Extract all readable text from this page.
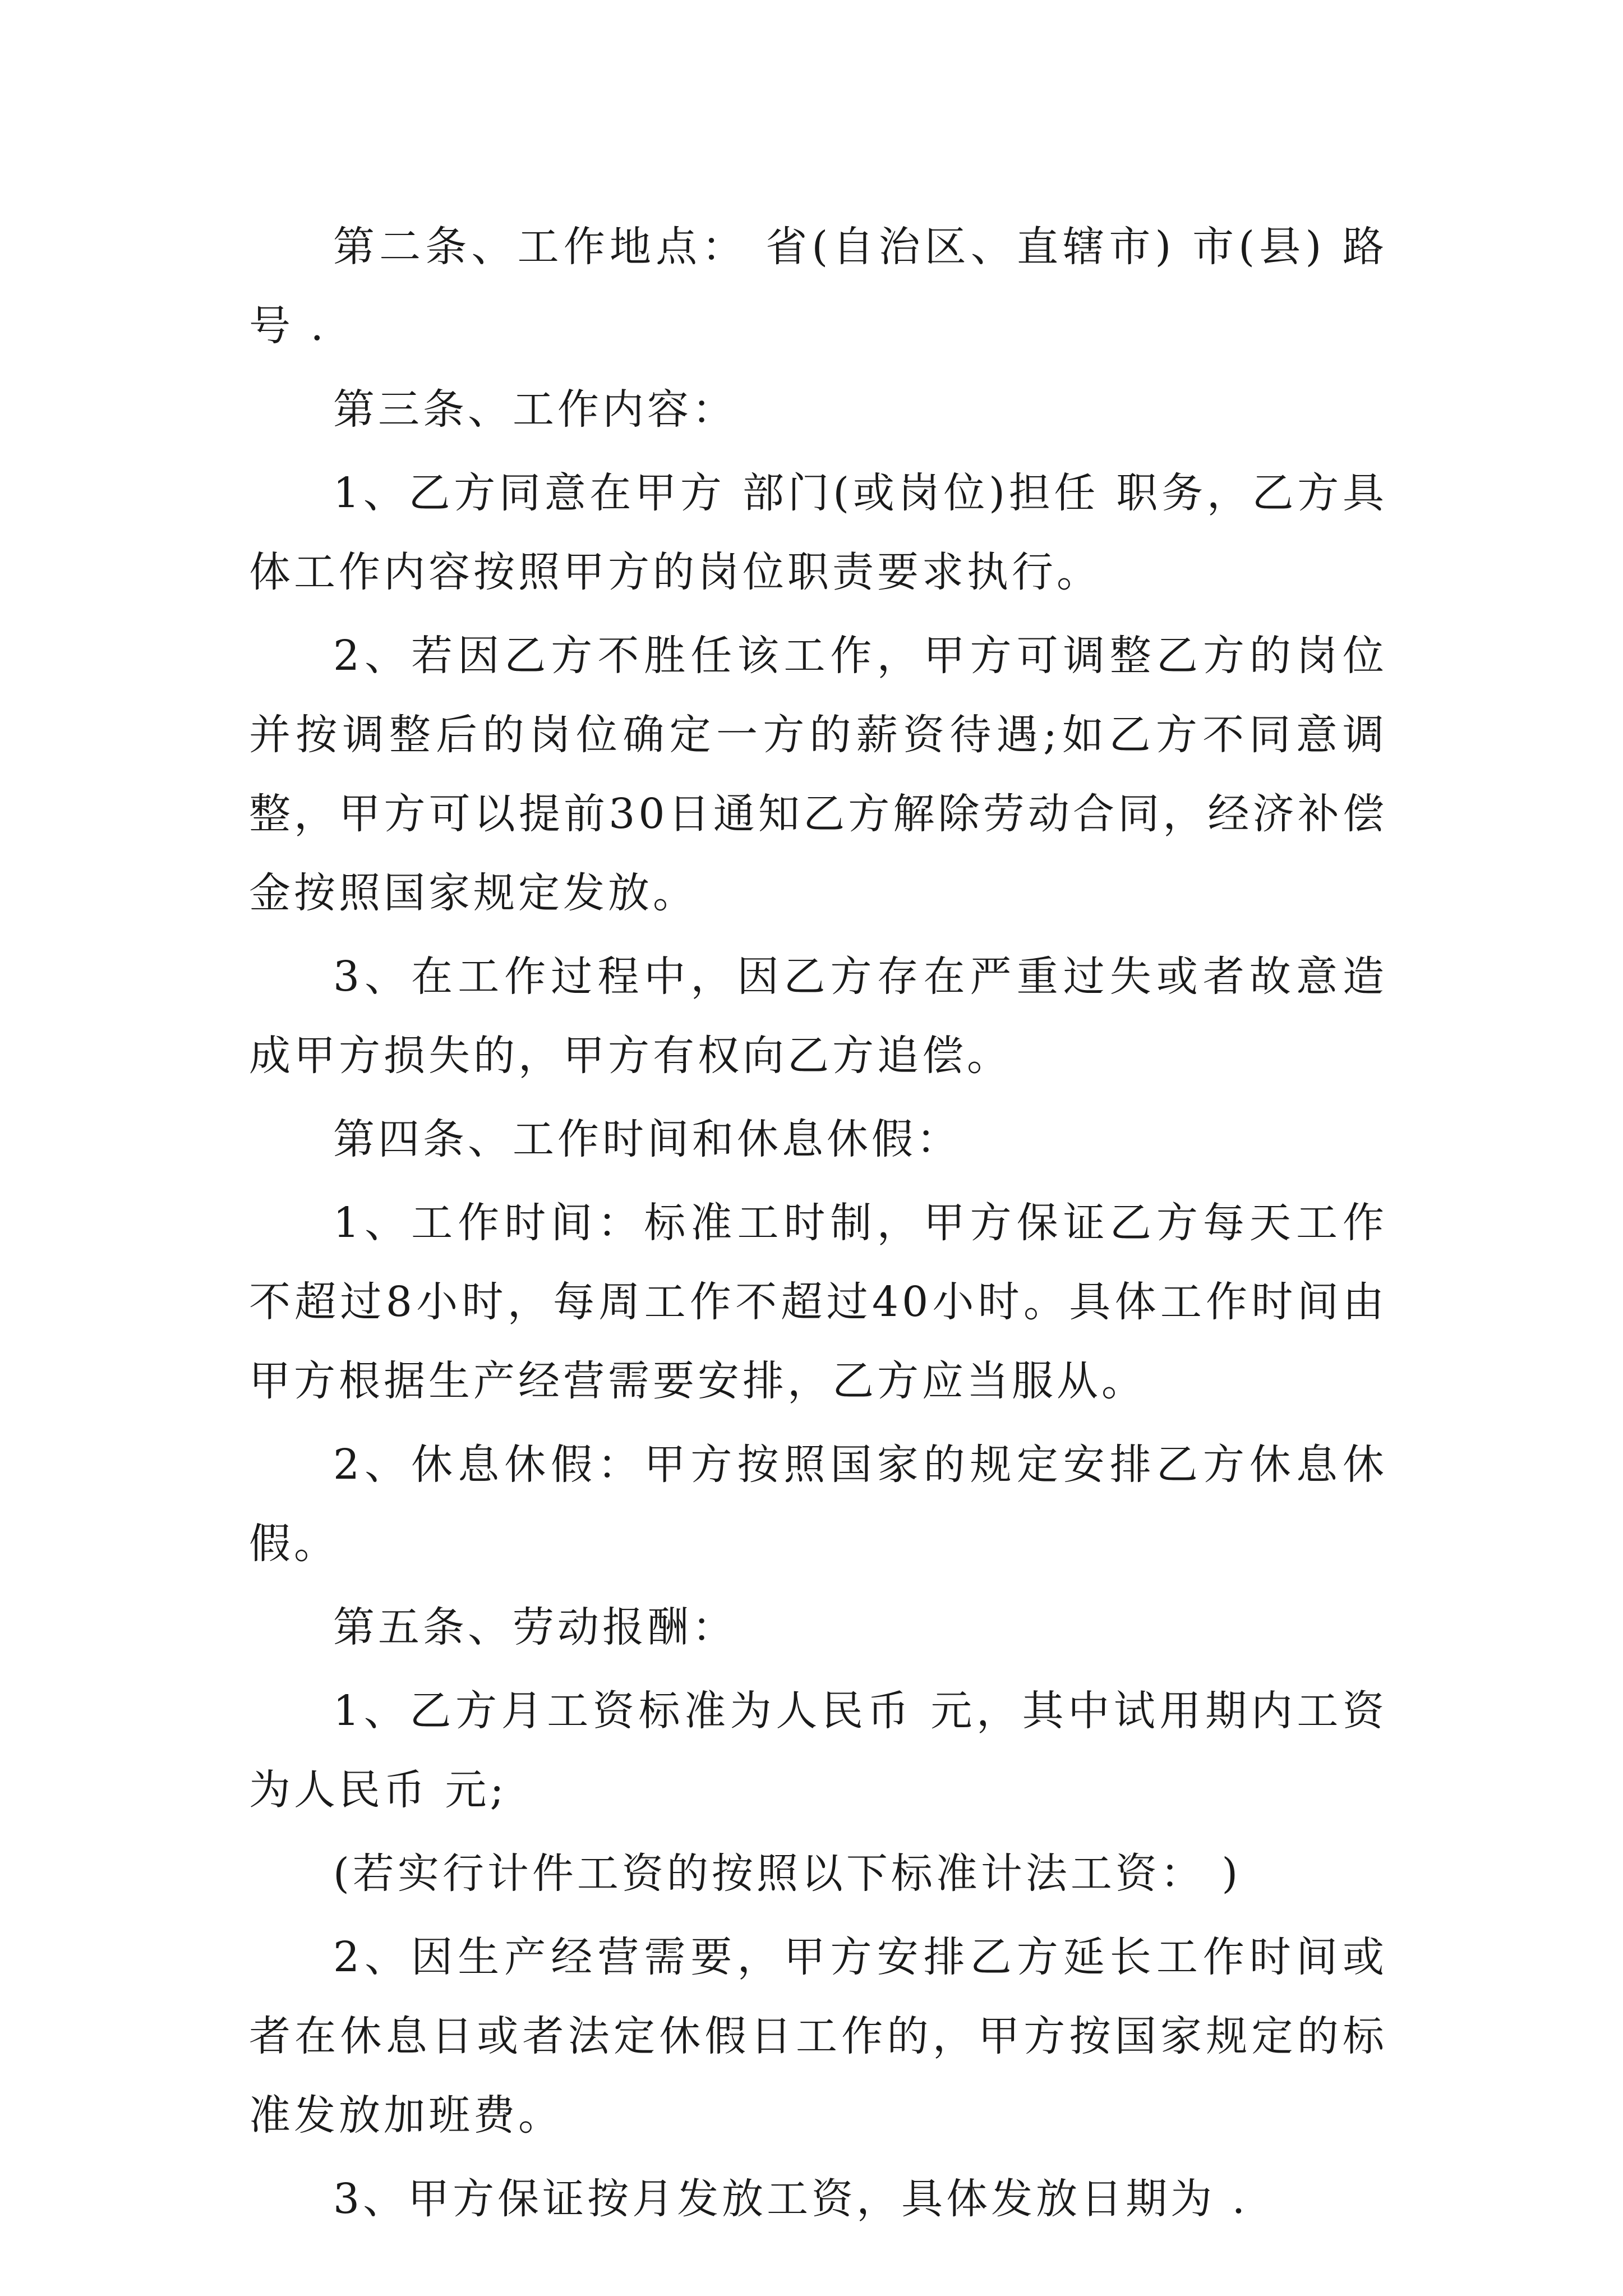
第二条、工作地点： 省(自治区、直辖市) 市(县) 路号 .

第三条、工作内容：

1、乙方同意在甲方 部门(或岗位)担任 职务，乙方具体工作内容按照甲方的岗位职责要求执行。

2、若因乙方不胜任该工作，甲方可调整乙方的岗位并按调整后的岗位确定一方的薪资待遇;如乙方不同意调整，甲方可以提前30日通知乙方解除劳动合同，经济补偿金按照国家规定发放。

3、在工作过程中，因乙方存在严重过失或者故意造成甲方损失的，甲方有权向乙方追偿。

第四条、工作时间和休息休假：

1、工作时间：标准工时制，甲方保证乙方每天工作不超过8小时，每周工作不超过40小时。具体工作时间由甲方根据生产经营需要安排，乙方应当服从。

2、休息休假：甲方按照国家的规定安排乙方休息休假。

第五条、劳动报酬：

1、乙方月工资标准为人民币 元，其中试用期内工资为人民币 元;

(若实行计件工资的按照以下标准计法工资： )

2、因生产经营需要，甲方安排乙方延长工作时间或者在休息日或者法定休假日工作的，甲方按国家规定的标准发放加班费。

3、甲方保证按月发放工资，具体发放日期为 .
